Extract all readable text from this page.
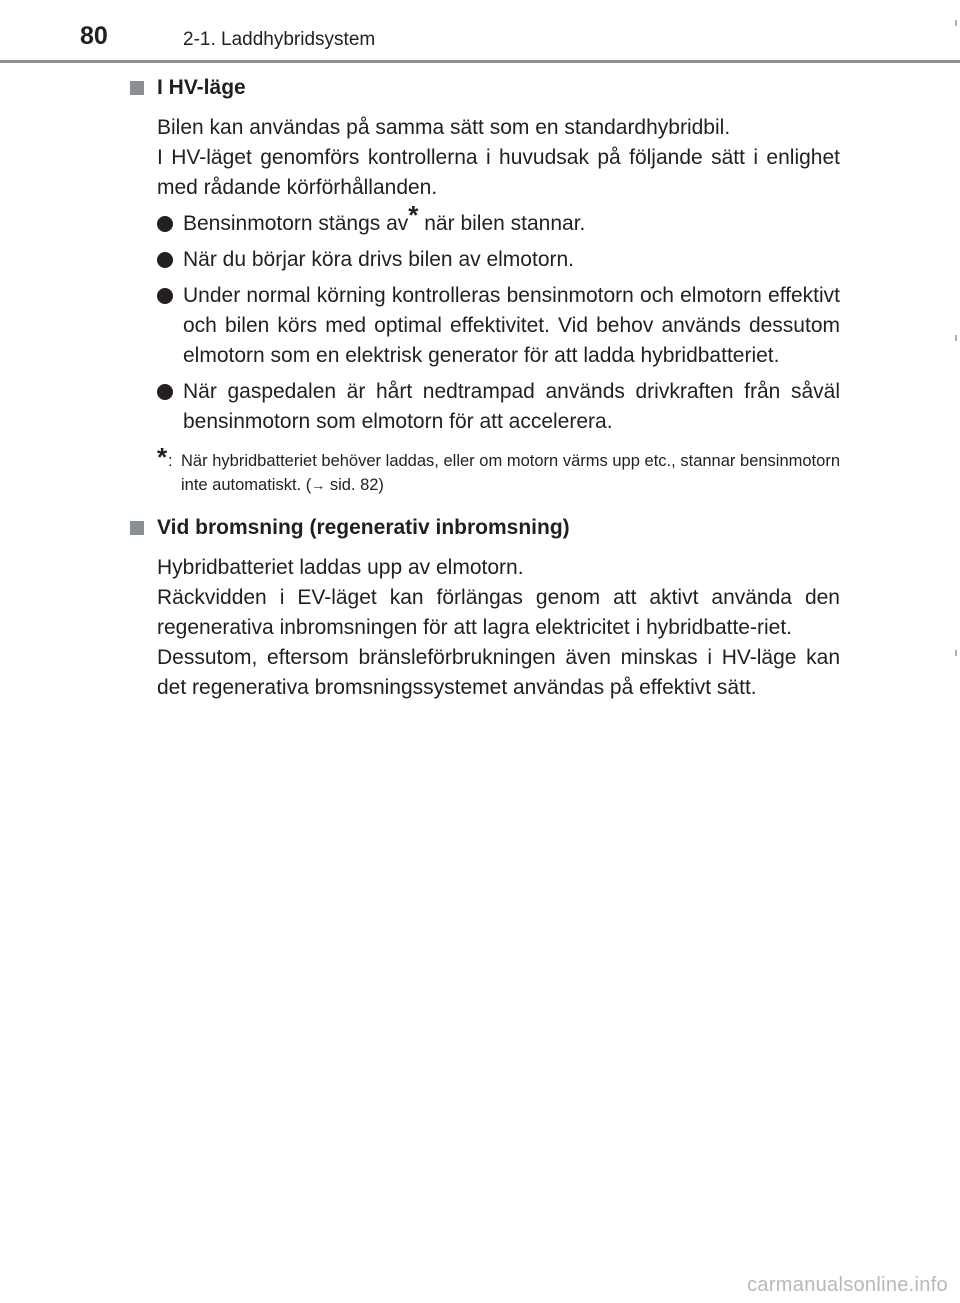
80	2-1. Laddhybridsystem
I HV-läge

Bilen kan användas på samma sätt som en standardhybridbil.

I HV-läget genomförs kontrollerna i huvudsak på följande sätt i enlighet med rådande körförhållanden.

Bensinmotorn stängs av* när bilen stannar.
När du börjar köra drivs bilen av elmotorn.
Under normal körning kontrolleras bensinmotorn och elmotorn effektivt och bilen körs med optimal effektivitet. Vid behov används dessutom elmotorn som en elektrisk generator för att ladda hybridbatteriet.
När gaspedalen är hårt nedtrampad används drivkraften från såväl bensinmotorn som elmotorn för att accelerera.
* : När hybridbatteriet behöver laddas, eller om motorn värms upp etc., stannar bensinmotorn inte automatiskt. (→ sid. 82)
Vid bromsning (regenerativ inbromsning)

Hybridbatteriet laddas upp av elmotorn.

Räckvidden i EV-läget kan förlängas genom att aktivt använda den regenerativa inbromsningen för att lagra elektricitet i hybridbatte-riet.

Dessutom, eftersom bränsleförbrukningen även minskas i HV-läge kan det regenerativa bromsningssystemet användas på effektivt sätt.

carmanualsonline.info
